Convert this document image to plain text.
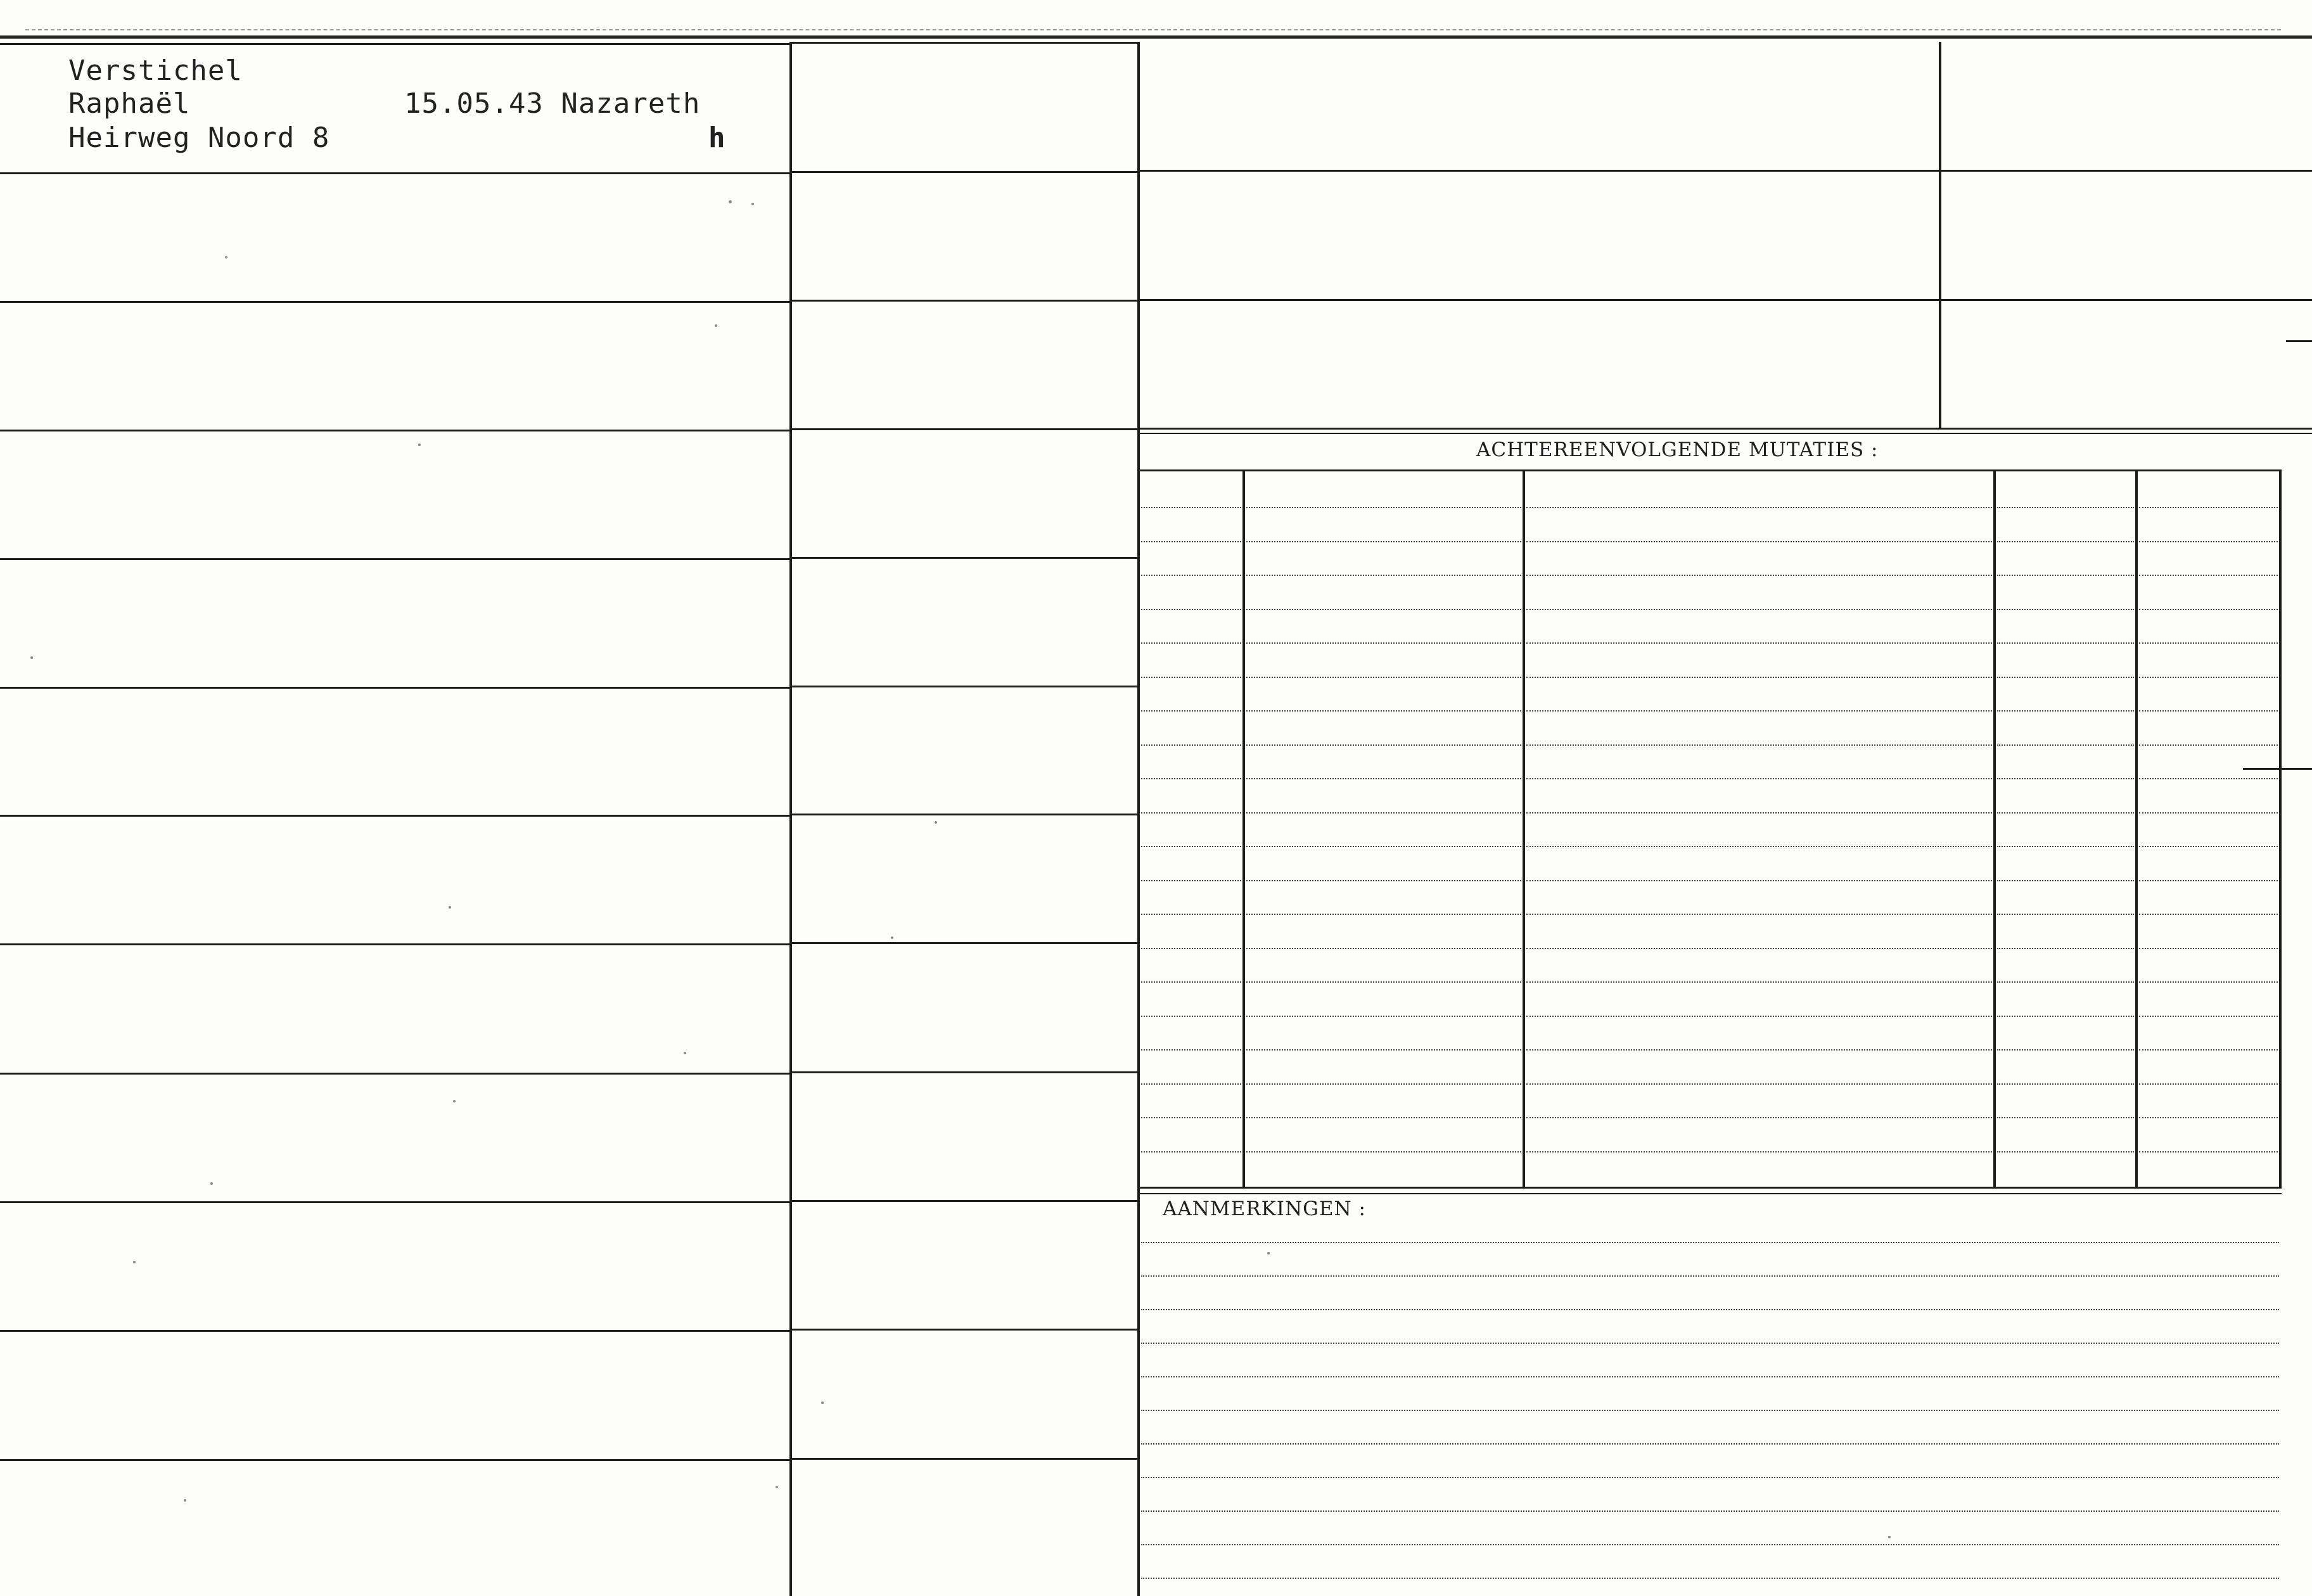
Verstichel
Raphaël	15.05.43 Nazareth
Heirweg Noord 8	h
ACHTEREENVOLGENDE MUTATIES :
AANMERKINGEN :
